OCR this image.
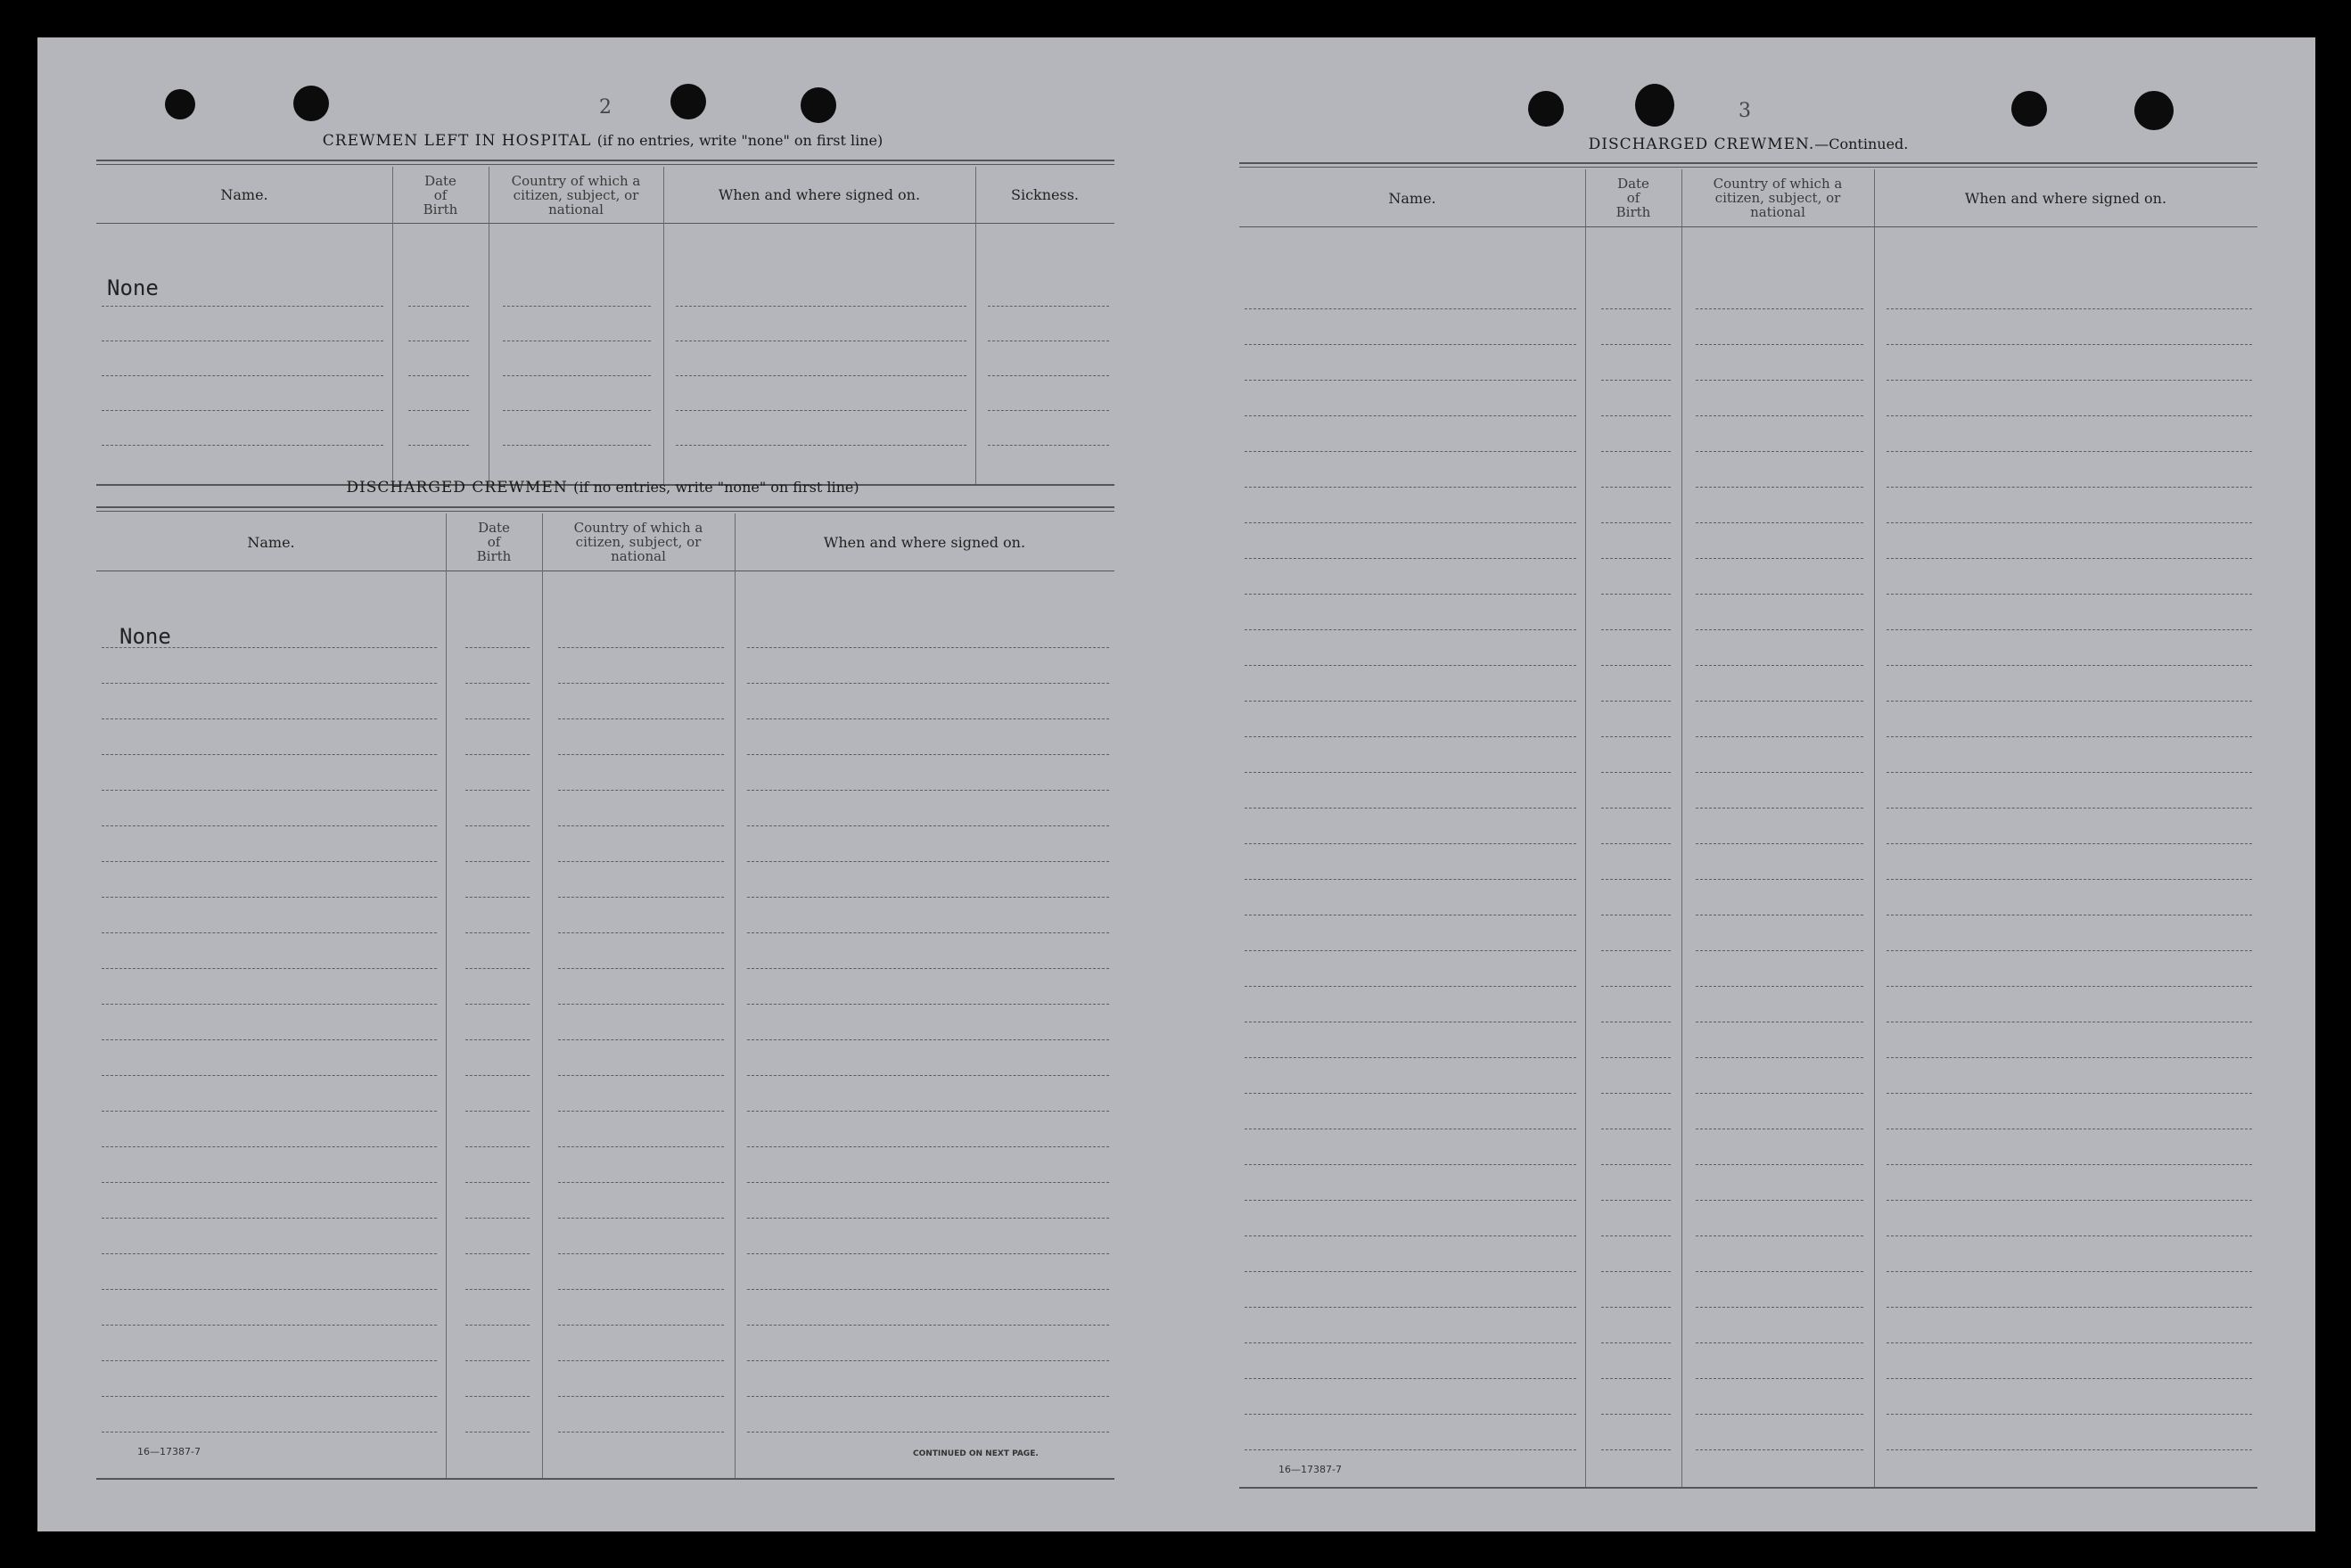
2
CREWMEN LEFT IN HOSPITAL (if no entries, write "none" on first line)
Name.
Date of Birth
Country of which a citizen, subject, or national
When and where signed on.	Sickness.
None
DISCHARGED CREWMEN (if no entries, write "none" on first line)
Name.
Date of Birth
Country of which a citizen, subject, or national
When and where signed on.
None
16—17387-7	CONTINUED ON NEXT PAGE.
3
DISCHARGED CREWMEN.—Continued.
Name.
Date of Birth
Country of which a citizen, subject, or national
When and where signed on.
16—17387-7
